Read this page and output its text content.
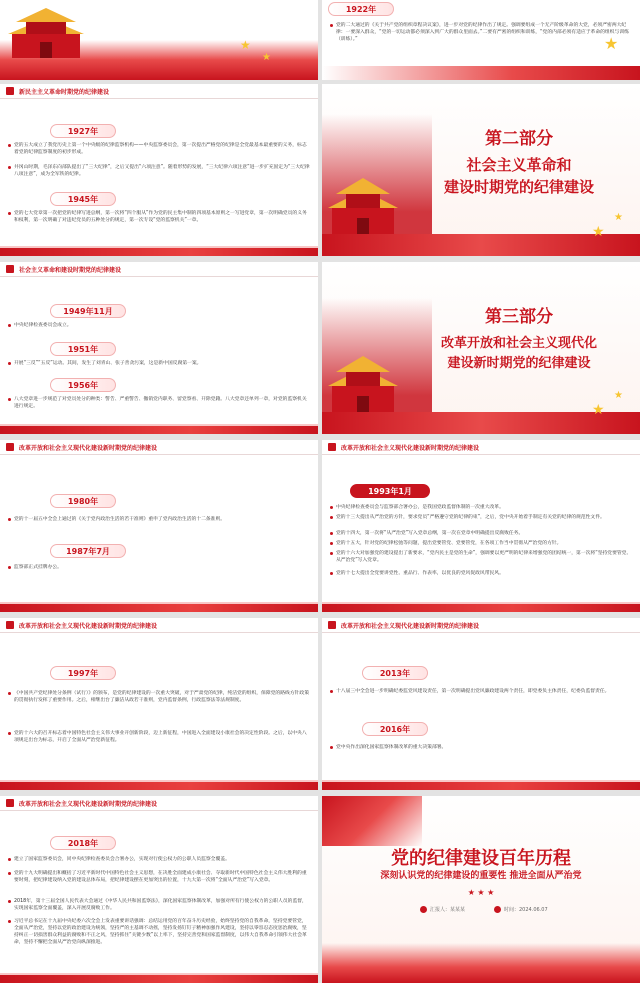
★
★
1922年
党的二大通过的《关于共产党的组织章程决议案》，进一步对党的纪律作出了规定。强调要组成一个无产阶级革命的大党，必须严密两大纪律：一要深入群众，“党的一切运动都必须深入到广大的群众里面去。”二要有严密的组织和训练，“党的内部必须有适应于革命的组织与训练（训练）。”	★
新民主主义革命时期党的纪律建设
1927年
党的五大成立了我党历史上第一个中央级的纪律监察机构——中央监察委员会，第一次提出严格党的纪律是全党最基本最重要的义务，标志着党的纪律监察制度的初步形成。
井冈山时期，毛泽东向部队提出了“三大纪律”，之后又提出“六项注意”。随着形势的发展，“三大纪律六项注意”进一步扩充固定为“三大纪律八项注意”，成为全军铁的纪律。
1945年
党的七大党章第一次把党的纪律写进总纲，第一次将“四个服从”作为党的民主集中制的四项基本原则之一写进党章，第一次明确党员的义务和权利，第一次明确了对违纪党员的五种处分的规定，第一次专设“党的监察机关”一章。
第二部分
社会主义革命和
建设时期党的纪律建设
★
★
社会主义革命和建设时期党的纪律建设
1949年11月
中央纪律检查委员会成立。
1951年
开展“三反”“五反”运动。其间，发生了刘青山、张子善贪污案，这是新中国反腐第一案。
1956年
八大党章进一步规范了对党员处分的种类：警告、严重警告、撤销党内职务、留党察看、开除党籍。八大党章还单列一章，对党的监察机关进行规定。
第三部分
改革开放和社会主义现代化
建设新时期党的纪律建设
★
★
改革开放和社会主义现代化建设新时期党的纪律建设
1980年
党的十一届五中全会上通过的《关于党内政治生活的若干准则》重申了党内政治生活的十二条准则。
1987年7月
监察部正式挂牌办公。
改革开放和社会主义现代化建设新时期党的纪律建设
1993年1月
中央纪律检查委员会与监察部合署办公，是我国党政监督体制的一次重大改革。
党的十三大提出从严治党的方针，要求党员“严格遵守党的纪律的束”，之后，党中央开始着手制定有关党的纪律的规范性文件。
党的十四大，第一次将“从严治党”写入党章总纲，第一次在党章中明确提出反腐败任务。
党的十五大，针对党的纪律松弛等问题，提出党要管党、党要管党，在各项工作当中贯彻从严治党的方针。
党的十六大对加强党的建设提出了新要求，“党内民主是党的生命”，强调要以更严明的纪律来增强党的团结统一，第一次将“坚持党要管党、从严治党”写入党章。
党的十七大提出全党要讲党性、重品行、作表率，以优良的党风促政风带民风。
改革开放和社会主义现代化建设新时期党的纪律建设
1997年
《中国共产党纪律处分条例（试行）》的颁布，是党的纪律建设的一次重大突破，对于严肃党的纪律，纯洁党的组织，保障党的路线方针政策的贯彻执行发挥了重要作用。之后，相继出台了廉洁从政若干准则，党内监督条例，行政监察法等法规制度。
党的十六大的召开标志着中国特色社会主义伟大事业开创新阶段，迈上新征程，中国进入全面建设小康社会的决定性阶段。之后，以中央八项规定出台为标志，开启了全面从严治党新征程。
改革开放和社会主义现代化建设新时期党的纪律建设
2013年
十八届三中全会进一步明确纪委监党风建设责任，第一次明确提出党风廉政建设两个责任，即党委负主体责任，纪委负监督责任。
2016年
党中央作出深化国家监察体制改革的重大决策部署。
改革开放和社会主义现代化建设新时期党的纪律建设
2018年
建立了国家监察委员会，同中央纪律检查委员会合署办公，实现对行使公权力的公职人员监察全覆盖。
党的十九大明确提出和概括了习近平新时代中国特色社会主义思想，在决胜全面建成小康社会、夺取新时代中国特色社会主义伟大胜利的重要时刻，把纪律建设纳入党的建设总体布局，把纪律建设摆在更加突出的位置，十九大第一次将“全面从严治党”写入党章。
2018年，第十三届全国人民代表大会通过《中华人民共和国监察法》，深化国家监察体制改革，加强对所有行使公权力的公职人员的监督，实现国家监察全面覆盖，深入开展反腐败工作。
习近平总书记在十九届中央纪委六次全会上发表重要讲话强调：总结运用党的百年奋斗历史经验，始终坚持党的自我革命，坚持党要管党，全面从严治党，坚持以党的政治建设为统领，坚持严的主基调不动摇，坚持发扬钉钉子精神加强作风建设，坚持以零容忍态度惩治腐败，坚持纠正一切损害群众利益的腐败和不正之风，坚持抓住“关键少数”以上率下，坚持完善党和国家监督制度，以伟大自我革命引领伟大社会革命，坚持不懈把全面从严治党向纵深推进。
党的纪律建设百年历程
深刻认识党的纪律建设的重要性 推进全面从严治党
★ ★ ★
汇报人：某某某	时间：2024.06.07
